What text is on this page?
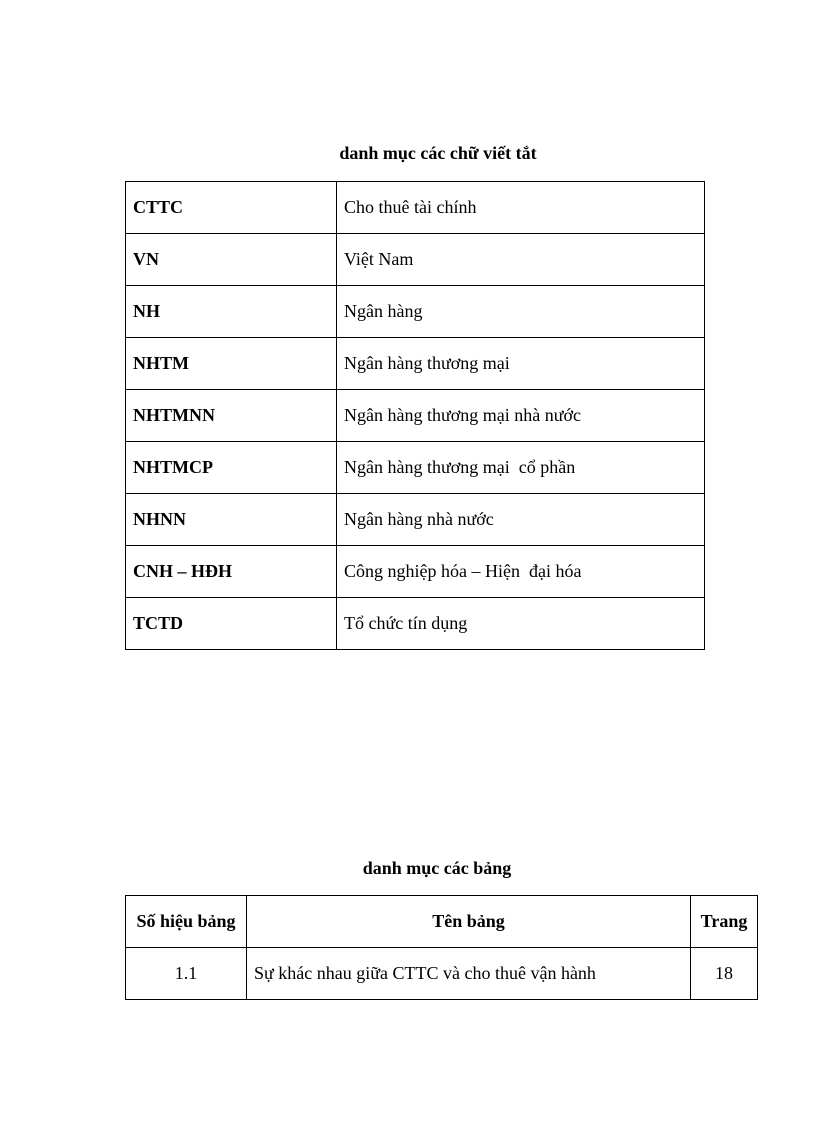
danh mục các chữ viết tắt
CTTC	Cho thuê tài chính
VN	Việt Nam
NH	Ngân hàng
NHTM	Ngân hàng thương mại
NHTMNN	Ngân hàng thương mại nhà nước
NHTMCP	Ngân hàng thương mại  cổ phần
NHNN	Ngân hàng nhà nước
CNH – HĐH	Công nghiệp hóa – Hiện  đại hóa
TCTD	Tổ chức tín dụng
danh mục các bảng
Số hiệu bảng	Tên bảng	Trang
1.1	Sự khác nhau giữa CTTC và cho thuê vận hành	18
